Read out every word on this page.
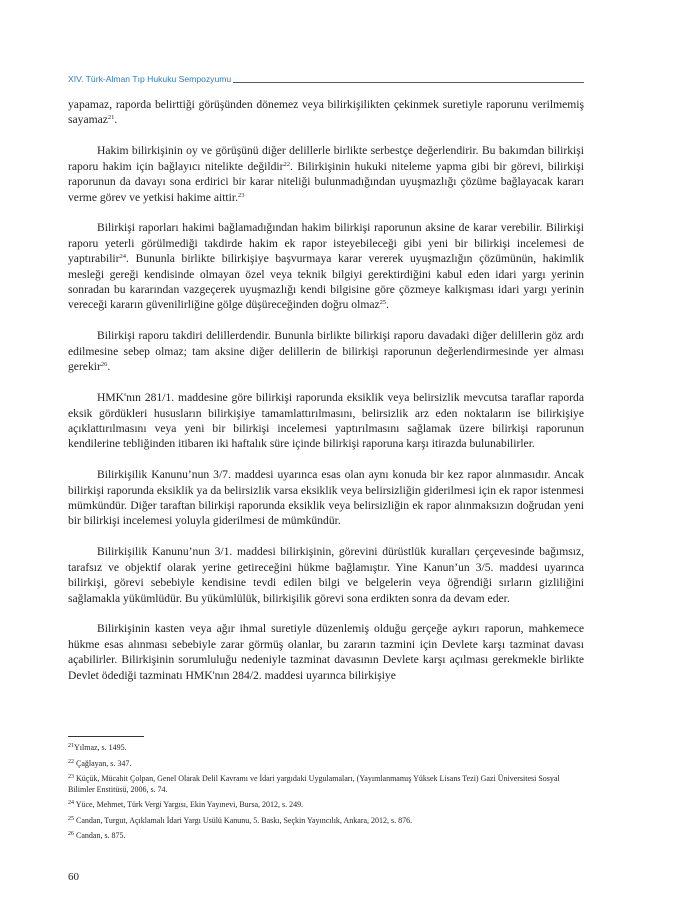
XIV. Türk-Alman Tıp Hukuku Sempozyumu

yapamaz, raporda belirttiği görüşünden dönemez veya bilirkişilikten çekinmek suretiyle raporunu verilmemiş sayamaz$^{21}$.

Hakim bilirkişinin oy ve görüşünü diğer delillerle birlikte serbestçe değerlendirir. Bu bakımdan bilirkişi raporu hakim için bağlayıcı nitelikte değildir$^{22}$. Bilirkişinin hukuki niteleme yapma gibi bir görevi, bilirkişi raporunun da davayı sona erdirici bir karar niteliği bulunmadığından uyuşmazlığı çözüme bağlayacak kararı verme görev ve yetkisi hakime aittir.$^{23}$

Bilirkişi raporları hakimi bağlamadığından hakim bilirkişi raporunun aksine de karar verebilir. Bilirkişi raporu yeterli görülmediği takdirde hakim ek rapor isteyebileceği gibi yeni bir bilirkişi incelemesi de yaptırabilir$^{24}$. Bununla birlikte bilirkişiye başvurmaya karar vererek uyuşmazlığın çözümünün, hakimlik mesleği gereği kendisinde olmayan özel veya teknik bilgiyi gerektirdiğini kabul eden idari yargı yerinin sonradan bu kararından vazgeçerek uyuşmazlığı kendi bilgisine göre çözmeye kalkışması idari yargı yerinin vereceği kararın güvenilirliğine gölge düşüreceğinden doğru olmaz$^{25}$.

Bilirkişi raporu takdiri delillerdendir. Bununla birlikte bilirkişi raporu davadaki diğer delillerin göz ardı edilmesine sebep olmaz; tam aksine diğer delillerin de bilirkişi raporunun değerlendirmesinde yer alması gerekir$^{26}$.

HMK'nın 281/1. maddesine göre bilirkişi raporunda eksiklik veya belirsizlik mevcutsa taraflar raporda eksik gördükleri hususların bilirkişiye tamamlattırılmasını, belirsizlik arz eden noktaların ise bilirkişiye açıklattırılmasını veya yeni bir bilirkişi incelemesi yaptırılmasını sağlamak üzere bilirkişi raporunun kendilerine tebliğinden itibaren iki haftalık süre içinde bilirkişi raporuna karşı itirazda bulunabilirler.

Bilirkişilik Kanunu’nun 3/7. maddesi uyarınca esas olan aynı konuda bir kez rapor alınmasıdır. Ancak bilirkişi raporunda eksiklik ya da belirsizlik varsa eksiklik veya belirsizliğin giderilmesi için ek rapor istenmesi mümkündür. Diğer taraftan bilirkişi raporunda eksiklik veya belirsizliğin ek rapor alınmaksızın doğrudan yeni bir bilirkişi incelemesi yoluyla giderilmesi de mümkündür.

Bilirkişilik Kanunu’nun 3/1. maddesi bilirkişinin, görevini dürüstlük kuralları çerçevesinde bağımsız, tarafsız ve objektif olarak yerine getireceğini hükme bağlamıştır. Yine Kanun’un 3/5. maddesi uyarınca bilirkişi, görevi sebebiyle kendisine tevdi edilen bilgi ve belgelerin veya öğrendiği sırların gizliliğini sağlamakla yükümlüdür. Bu yükümlülük, bilirkişilik görevi sona erdikten sonra da devam eder.

Bilirkişinin kasten veya ağır ihmal suretiyle düzenlemiş olduğu gerçeğe aykırı raporun, mahkemece hükme esas alınması sebebiyle zarar görmüş olanlar, bu zararın tazmini için Devlete karşı tazminat davası açabilirler. Bilirkişinin sorumluluğu nedeniyle tazminat davasının Devlete karşı açılması gerekmekle birlikte Devlet ödediği tazminatı HMK'nın 284/2. maddesi uyarınca bilirkişiye

$^{21}$Yılmaz, s. 1495.

$^{22}$ Çağlayan, s. 347.

$^{23}$ Küçük, Mücahit Çolpan, Genel Olarak Delil Kavramı ve İdari yargıdaki Uygulamaları, (Yayımlanmamış Yüksek Lisans Tezi) Gazi Üniversitesi Sosyal Bilimler Enstitüsü, 2006, s. 74.

$^{24}$ Yüce, Mehmet, Türk Vergi Yargısı, Ekin Yayınevi, Bursa, 2012, s. 249.

$^{25}$ Candan, Turgut, Açıklamalı İdari Yargı Usülü Kanunu, 5. Baskı, Seçkin Yayıncılık, Ankara, 2012, s. 876.

$^{26}$ Candan, s. 875.

60
